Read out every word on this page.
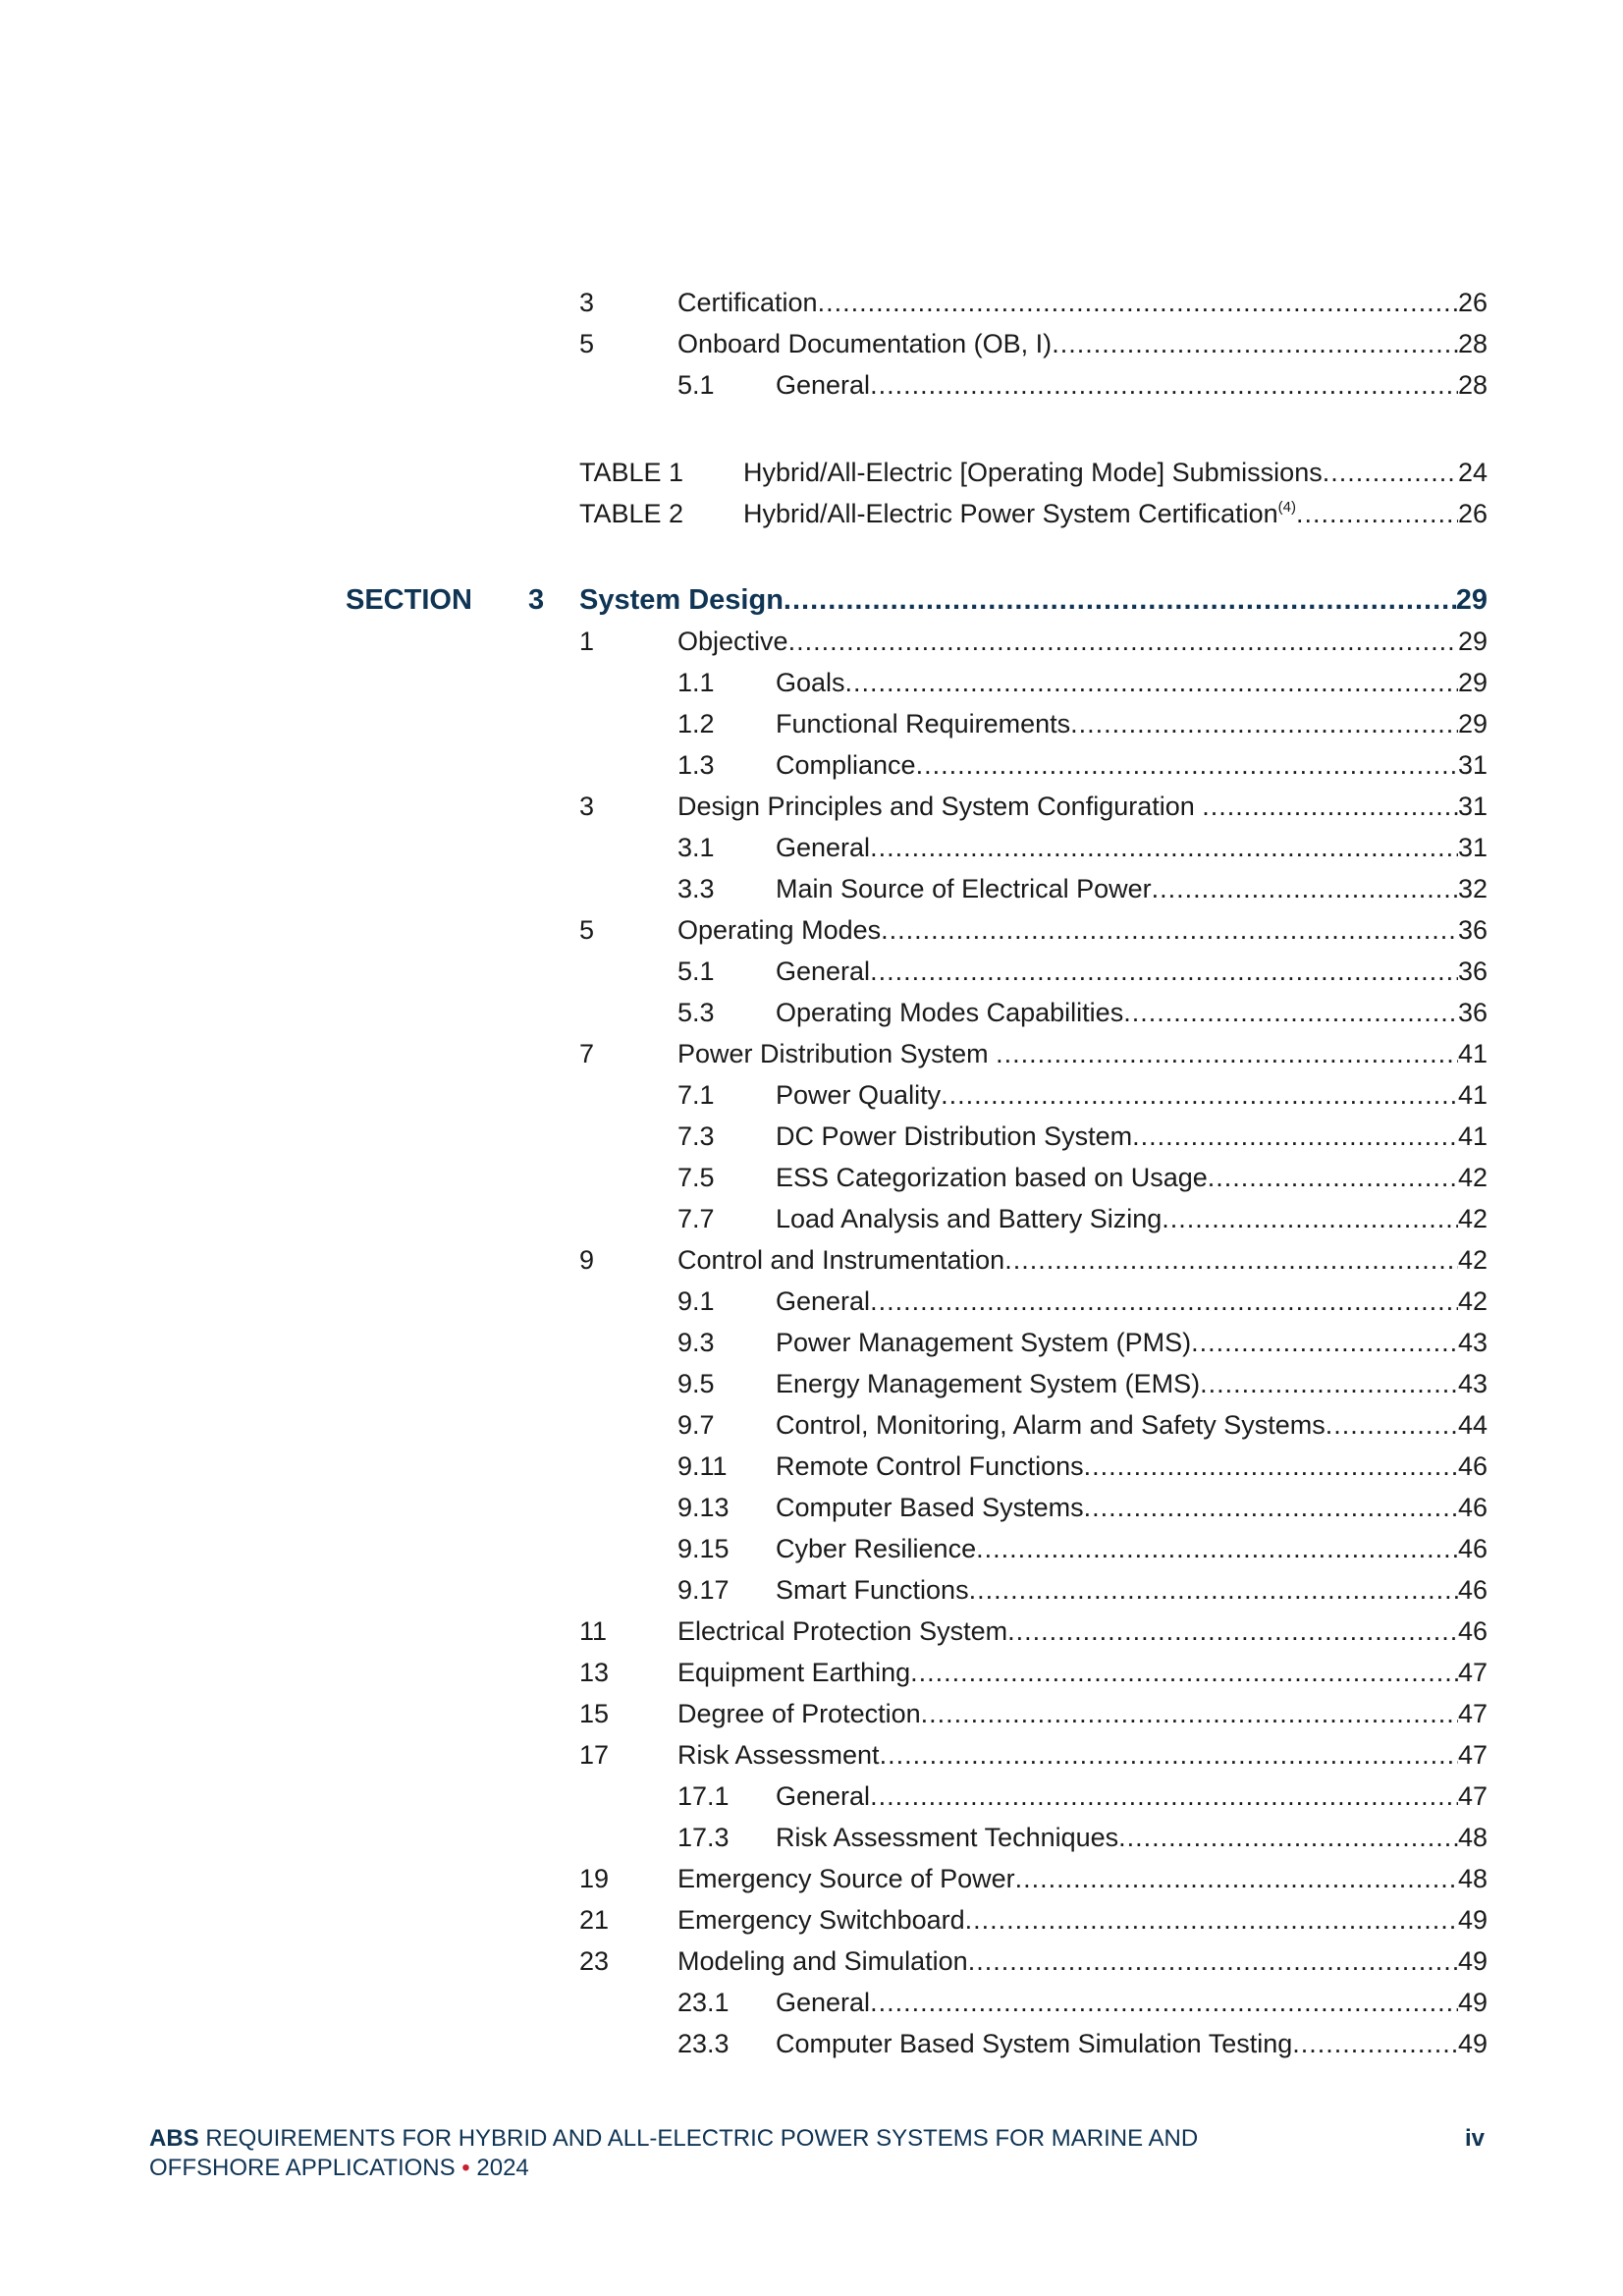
3	Certification .....	26
5	Onboard Documentation (OB, I) .....	28
5.1	General .....	28
TABLE 1	Hybrid/All-Electric [Operating Mode] Submissions .....	24
TABLE 2	Hybrid/All-Electric Power System Certification$^{(4)}$ .....	26
SECTION 3 System Design .....	29
1	Objective .....	29
1.1	Goals .....	29
1.2	Functional Requirements .....	29
1.3	Compliance .....	31
3	Design Principles and System Configuration .....	31
3.1	General .....	31
3.3	Main Source of Electrical Power .....	32
5	Operating Modes .....	36
5.1	General .....	36
5.3	Operating Modes Capabilities .....	36
7	Power Distribution System .....	41
7.1	Power Quality .....	41
7.3	DC Power Distribution System .....	41
7.5	ESS Categorization based on Usage .....	42
7.7	Load Analysis and Battery Sizing .....	42
9	Control and Instrumentation .....	42
9.1	General .....	42
9.3	Power Management System (PMS) .....	43
9.5	Energy Management System (EMS) .....	43
9.7	Control, Monitoring, Alarm and Safety Systems .....	44
9.11	Remote Control Functions .....	46
9.13	Computer Based Systems .....	46
9.15	Cyber Resilience .....	46
9.17	Smart Functions .....	46
11	Electrical Protection System .....	46
13	Equipment Earthing .....	47
15	Degree of Protection .....	47
17	Risk Assessment .....	47
17.1	General .....	47
17.3	Risk Assessment Techniques .....	48
19	Emergency Source of Power .....	48
21	Emergency Switchboard .....	49
23	Modeling and Simulation .....	49
23.1	General .....	49
23.3	Computer Based System Simulation Testing .....	49
ABS REQUIREMENTS FOR HYBRID AND ALL-ELECTRIC POWER SYSTEMS FOR MARINE AND
OFFSHORE APPLICATIONS • 2024
iv
